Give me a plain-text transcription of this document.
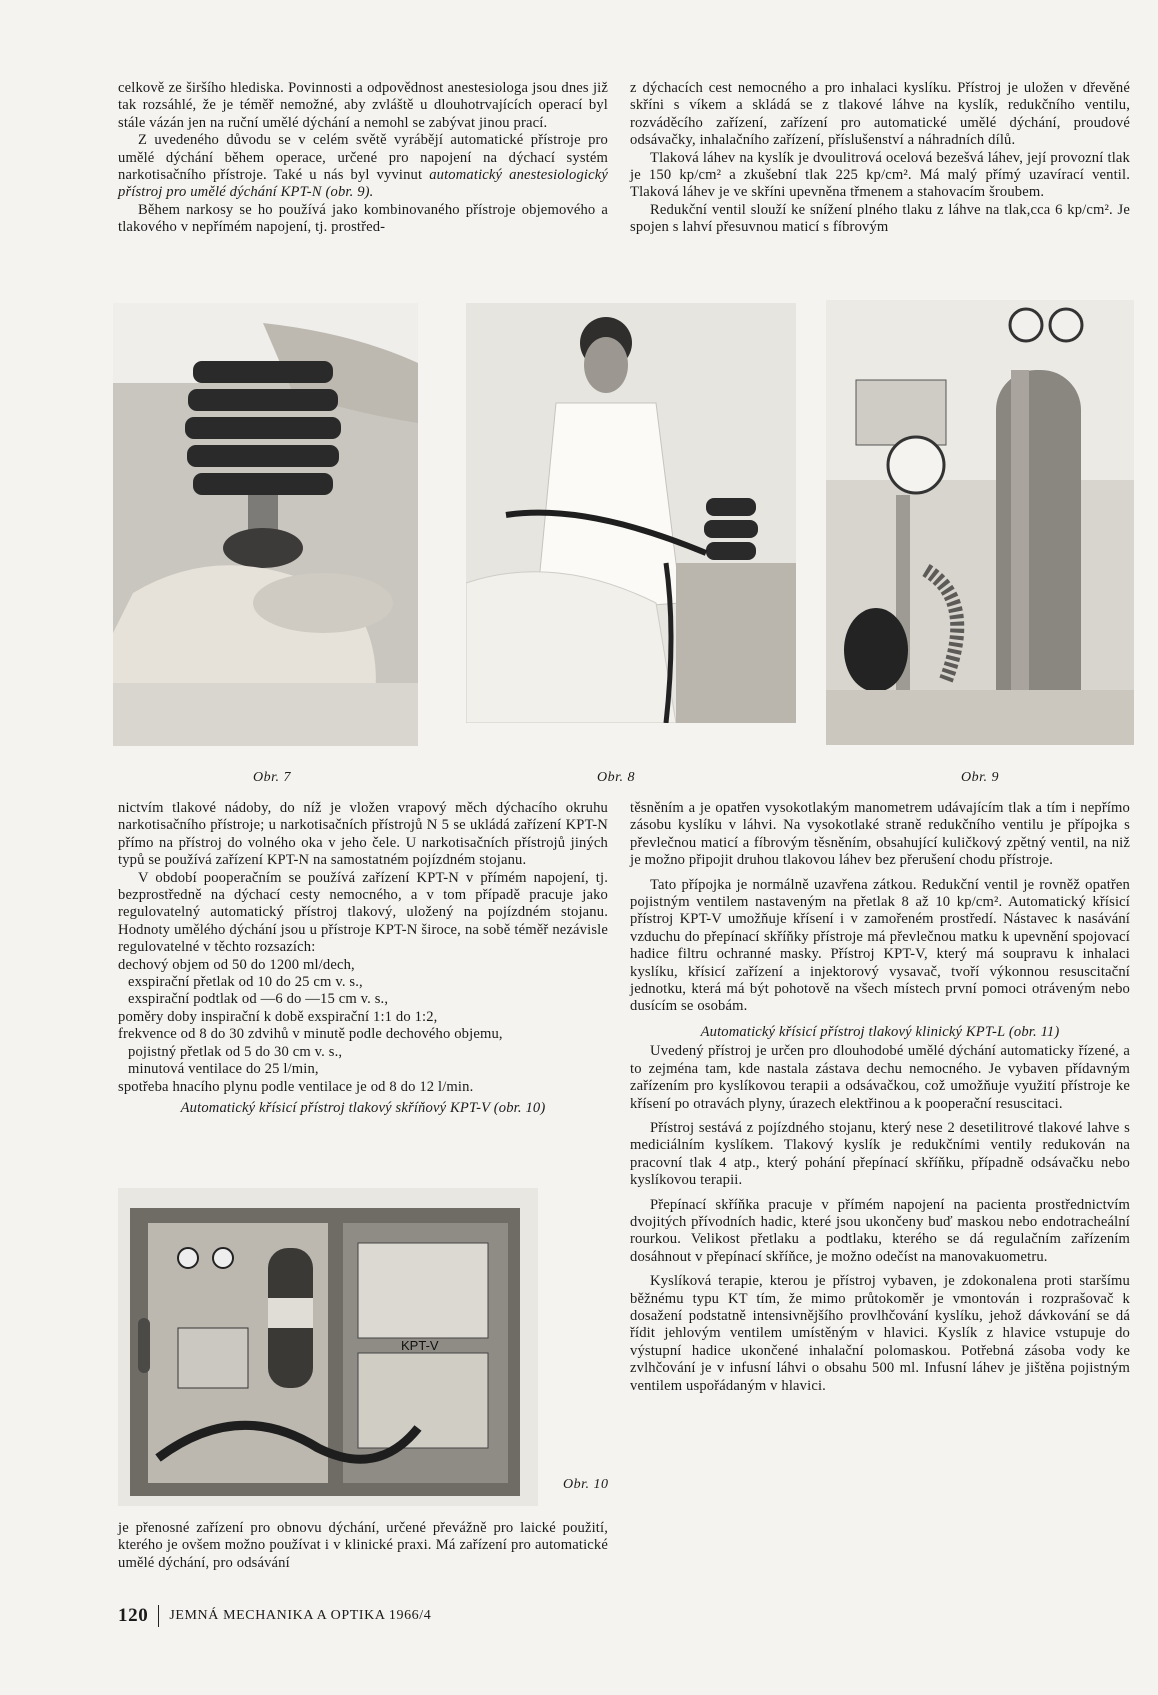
celkově ze širšího hlediska. Povinnosti a odpovědnost anestesiologa jsou dnes již tak rozsáhlé, že je téměř nemožné, aby zvláště u dlouhotrvajících operací byl stále vázán jen na ruční umělé dýchání a nemohl se zabývat jinou prací.

Z uvedeného důvodu se v celém světě vyrábějí automatické přístroje pro umělé dýchání během operace, určené pro napojení na dýchací systém narkotisačního přístroje. Také u nás byl vyvinut automatický anestesiologický přístroj pro umělé dýchání KPT-N (obr. 9).

Během narkosy se ho používá jako kombinovaného přístroje objemového a tlakového v nepřímém napojení, tj. prostřed-

z dýchacích cest nemocného a pro inhalaci kyslíku. Přístroj je uložen v dřevěné skříni s víkem a skládá se z tlakové láhve na kyslík, redukčního ventilu, rozváděcího zařízení, zařízení pro automatické umělé dýchání, proudové odsávačky, inhalačního zařízení, příslušenství a náhradních dílů.

Tlaková láhev na kyslík je dvoulitrová ocelová bezešvá láhev, její provozní tlak je 150 kp/cm² a zkušební tlak 225 kp/cm². Má malý přímý uzavírací ventil. Tlaková láhev je ve skříni upevněna třmenem a stahovacím šroubem.

Redukční ventil slouží ke snížení plného tlaku z láhve na tlak,cca 6 kp/cm². Je spojen s lahví přesuvnou maticí s fíbrovým

Obr. 7	Obr. 8	Obr. 9

nictvím tlakové nádoby, do níž je vložen vrapový měch dýchacího okruhu narkotisačního přístroje; u narkotisačních přístrojů N 5 se ukládá zařízení KPT-N přímo na přístroj do volného oka v jeho čele. U narkotisačních přístrojů jiných typů se používá zařízení KPT-N na samostatném pojízdném stojanu.

V období pooperačním se používá zařízení KPT-N v přímém napojení, tj. bezprostředně na dýchací cesty nemocného, a v tom případě pracuje jako regulovatelný automatický přístroj tlakový, uložený na pojízdném stojanu. Hodnoty umělého dýchání jsou u přístroje KPT-N široce, na sobě téměř nezávisle regulovatelné v těchto rozsazích:

dechový objem od 50 do 1200 ml/dech,
exspirační přetlak od 10 do 25 cm v. s.,
exspirační podtlak od —6 do —15 cm v. s.,
poměry doby inspirační k době exspirační 1:1 do 1:2,
frekvence od 8 do 30 zdvihů v minutě podle dechového objemu,
pojistný přetlak od 5 do 30 cm v. s.,
minutová ventilace do 25 l/min,
spotřeba hnacího plynu podle ventilace je od 8 do 12 l/min.
Automatický křísicí přístroj tlakový skříňový KPT-V (obr. 10)
KPT-V
Obr. 10

je přenosné zařízení pro obnovu dýchání, určené převážně pro laické použití, kterého je ovšem možno používat i v klinické praxi. Má zařízení pro automatické umělé dýchání, pro odsávání

těsněním a je opatřen vysokotlakým manometrem udávajícím tlak a tím i nepřímo zásobu kyslíku v láhvi. Na vysokotlaké straně redukčního ventilu je přípojka s převlečnou maticí a fíbrovým těsněním, obsahující kuličkový zpětný ventil, na niž je možno připojit druhou tlakovou láhev bez přerušení chodu přístroje.

Tato přípojka je normálně uzavřena zátkou. Redukční ventil je rovněž opatřen pojistným ventilem nastaveným na přetlak 8 až 10 kp/cm². Automatický křísicí přístroj KPT-V umožňuje křísení i v zamořeném prostředí. Nástavec k nasávání vzduchu do přepínací skříňky přístroje má převlečnou matku k upevnění spojovací hadice filtru ochranné masky. Přístroj KPT-V, který má soupravu k inhalaci kyslíku, křísicí zařízení a injektorový vysavač, tvoří výkonnou resuscitační jednotku, která má být pohotově na všech místech první pomoci otráveným nebo dusícím se osobám.

Automatický křísicí přístroj tlakový klinický KPT-L (obr. 11)

Uvedený přístroj je určen pro dlouhodobé umělé dýchání automaticky řízené, a to zejména tam, kde nastala zástava dechu nemocného. Je vybaven přídavným zařízením pro kyslíkovou terapii a odsávačkou, což umožňuje využití přístroje ke křísení po otravách plyny, úrazech elektřinou a k pooperační resuscitaci.

Přístroj sestává z pojízdného stojanu, který nese 2 desetilitrové tlakové lahve s mediciálním kyslíkem. Tlakový kyslík je redukčními ventily redukován na pracovní tlak 4 atp., který pohání přepínací skříňku, případně odsávačku nebo kyslíkovou terapii.

Přepínací skříňka pracuje v přímém napojení na pacienta prostřednictvím dvojitých přívodních hadic, které jsou ukončeny buď maskou nebo endotracheální rourkou. Velikost přetlaku a podtlaku, kterého se dá regulačním zařízením dosáhnout v přepínací skříňce, je možno odečíst na manovakuometru.

Kyslíková terapie, kterou je přístroj vybaven, je zdokonalena proti staršímu běžnému typu KT tím, že mimo průtokoměr je vmontován i rozprašovač k dosažení podstatně intensivnějšího provlhčování kyslíku, jehož dávkování se dá řídit jehlovým ventilem umístěným v hlavici. Kyslík z hlavice vstupuje do výstupní hadice ukončené inhalační polomaskou. Potřebná zásoba vody ke zvlhčování je v infusní láhvi o obsahu 500 ml. Infusní láhev je jištěna pojistným ventilem uspořádaným v hlavici.

120 JEMNÁ MECHANIKA A OPTIKA 1966/4
